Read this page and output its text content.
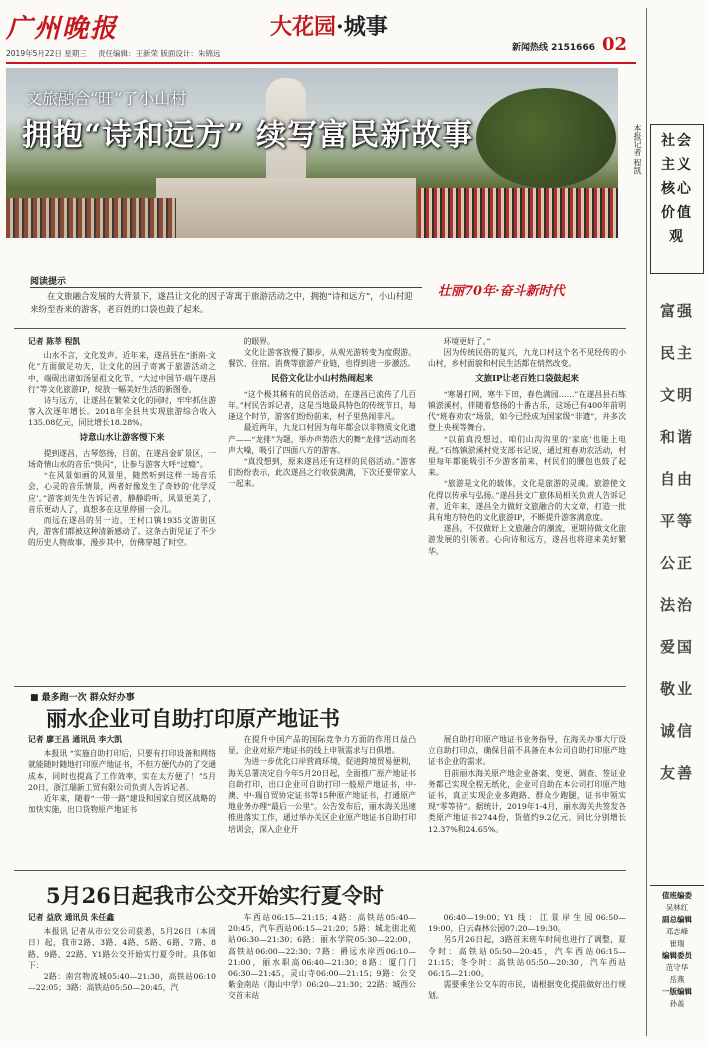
广州晚报	大花园·城事
新闻热线 2151666 02
2019年5月22日 星期三	责任编辑：王新荣 版面设计：朱锦远
文旅融合“旺”了小山村
拥抱“诗和远方” 续写富民新故事	本报记者 程凯
阅读提示
在文旅融合发展的大背景下，遂昌让文化的因子寄寓于旅游活动之中，拥抱“诗和远方”，小山村迎来纷至沓来的游客，老百姓的口袋也鼓了起来。
壮丽70年·奋斗新时代

记者 陈莘 程凯

山水不言，文化发声。近年来，遂昌县在“浙南·文化”方面做足功夫，让文化的因子寄寓于旅游活动之中，端砚出诸如汤显祖文化节、“大过中国节·端午遂昌行”等文化旅游IP，绽放一幅美好生活的新图卷。

诗与远方，让遂昌在繁荣文化的同时，牢牢抓住游客入次逐年增长。2018年全县共实现旅游综合收入135.08亿元，同比增长18.28%。

诗意山水让游客慢下来

提到遂昌，古琴悠扬，目前，在遂昌金矿景区，一场奇情山水的音乐“快闪”，让参与游客大呼“过瘾”。

“在风景如画的风景里，随然听到这样一场音乐会，心灵的音乐情景，两者好像发生了奇妙的‘化学反应’。”游客刘先生告诉记者，静静聆听，风景更美了，音乐更动人了，真想多在这里停留一会儿。

而远在遂昌的另一边，王村口镇1935文游街区内，游客们都被这种清新感动了。这条古街见证了不少的历史人物故事，漫步其中，仿佛穿越了时空。

的眼界。

文化让游客放慢了脚步，从观光游转变为度假游。餐饮、住宿、消费等旅游产业链，也得到进一步激活。

民俗文化让小山村热闹起来

“这个极其稀有的民俗活动，在遂昌已流传了几百年。”村民告诉记者，这是当地最具特色的传统节日，每逢这个时节，游客们纷纷前来，村子里热闹非凡。

最近两年，九龙口村因为每年都会以非物质文化遗产——“龙排”为题，举办声势浩大的舞“龙排”活动而名声大噪，吸引了四面八方的游客。

“真没想到，原来遂昌还有这样的民俗活动。”游客们纷纷表示，此次遂昌之行收获满满，下次还要带家人一起来。

环境更好了。”

因为传统民俗的复兴，九龙口村这个名不见经传的小山村，乡村面貌和村民生活都在悄然改变。

文旅IP让老百姓口袋鼓起来

“寒暑打网，寒牛下田，春色满园……”在遂昌县石练镇淤溪村，伴随着悠扬的十番古乐，这场已有400年前明代“班春劝农”场景，如今已经成为国家级“非遗”，并多次登上央视等舞台。

“以前真没想过，咱们山沟沟里的‘家底’也能上电视。”石练镇淤溪村党支部书记说，通过班春劝农活动，村里每年都能吸引不少游客前来，村民们的腰包也鼓了起来。

“旅游是文化的载体，文化是旅游的灵魂。旅游使文化得以传承与弘扬。”遂昌县文广旅体局相关负责人告诉记者，近年来，遂昌全力做好文旅融合的大文章，打造一批具有地方特色的文化旅游IP，不断提升游客满意度。

遂昌，不仅做好上文旅融合的潮流，更期待做文化旅游发展的引领者。心向诗和远方，遂昌也将迎来美好繁华。

■ 最多跑一次 群众好办事
丽水企业可自助打印原产地证书

记者 廖王昌 通讯员 李大凯

本报讯 “实施自助打印后，只要有打印设备和网络就能随时随地打印原产地证书，不但方便代办的了交通成本，同时也提高了工作效率，实在太方便了！”5月20日，浙江瑞新工贸有限公司负责人告诉记者。

近年来，随着“一带一路”建设和国家自贸区战略的加快实施，出口货物原产地证书

在提升中国产品的国际竞争力方面的作用日益凸显，企业对原产地证书的线上申领需求与日俱增。

为进一步优化口岸营商环境，促进跨境贸易便利，海关总署决定自今年5月20日起，全面推广原产地证书自助打印，出口企业可自助打印一般原产地证书，中-澳、中-瑞自贸协定证书等15种原产地证书，打通原产地业务办理“最后一公里”。公告发布后，丽水海关迅速推进落实工作，通过举办关区企业原产地证书自助打印培训会，深入企业开

展自助打印原产地证书业务指导，在海关办事大厅设立自助打印点，确保目前不具备在本公司自助打印原产地证书企业的需求。

目前丽水海关原产地企业备案、变更、调查、签证业务都已实现全程无纸化，企业可自助在本公司打印原产地证书，真正实现企业多跑路、群众少跑腿，证书申领实现“零等待”。据统计，2019年1-4月，丽水海关共签发各类原产地证书2744份，货值约9.2亿元，同比分别增长12.37%和24.65%。

5月26日起我市公交开始实行夏令时

记者 益欣 通讯员 朱任鑫

本报讯 记者从市公交公司获悉，5月26日（本周日）起，我市2路、3路、4路、5路、6路、7路、8路、9路、22路、Y1路公交开始实行夏令时。具体如下：

2路：南宫物流城05:40—21:30，高铁站06:10—22:05；3路：高铁站05:50—20:45，汽

车西站06:15—21:15；4路：高铁站05:40—20:45，汽车西站06:15—21:20；5路：城北街北苑站06:30—21:30；6路：丽水学院05:30—22:00，高铁站06:00—22:30；7路：爵远水岸西06:10—21:00，丽水职高06:40—21:30；8路：厦门门06:30—21:45，灵山寺06:00—21:15；9路：公交紫金南站（海山中学）06:20—21:30；22路：城西公交首末站

06:40—19:00；Y1线：江景岸生园06:50—19:00，白云森林公园07:20—19:30。

另5月26日起，3路首末班车时间也进行了调整，夏令时：高铁站05:50—20:45，汽车西站06:15—21:15；冬令时：高铁站05:50—20:30，汽车西站06:15—21:00。

需要乘坐公交车的市民，请根据变化提前做好出行规划。

社会主义
核心
价值观
富强
民主
文明
和谐
自由
平等
公正
法治
爱国
敬业
诚信
友善
值班编委
吴林红
副总编辑
邓志峰
崔瑞
编辑委员
范守华
岳燕
一版编辑
孙盖
